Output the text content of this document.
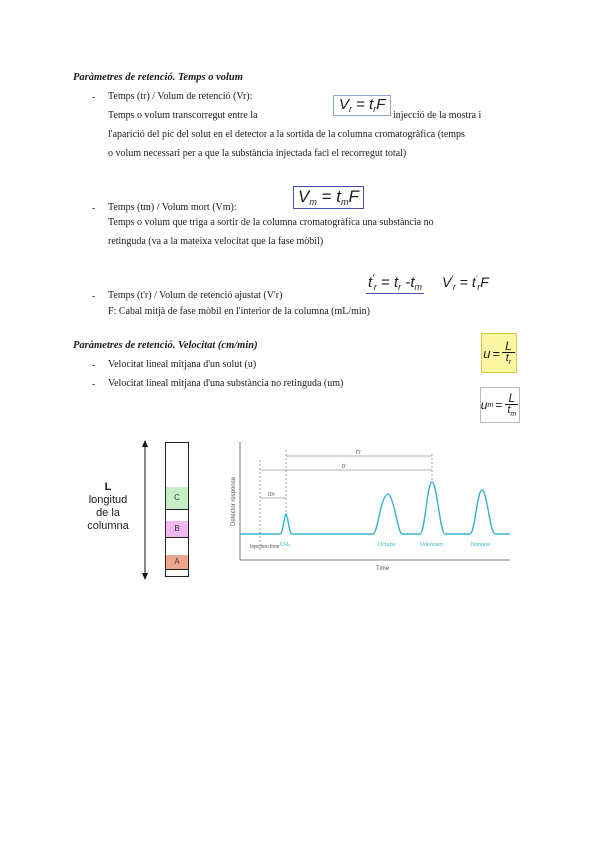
Paràmetres de retenció. Temps o volum
- Temps (tr) / Volum de retenció (Vr):
Temps o volum transcorregut entre la	injecció de la mostra i
l'aparició del pic del solut en el detector a la sortida de la columna cromatogràfica (temps
o volum necessari per a que la substància injectada faci el recorregut total)
$V_r = t_rF$
- Temps (tm) / Volum mort (Vm):
Temps o volum que triga a sortir de la columna cromatogràfica una substància no
retinguda (va a la mateixa velocitat que la fase mòbil)
$V_m = t_mF$
- Temps (t'r) / Volum de retenció ajustat (V'r)
F: Cabal mitjà de fase mòbil en l'interior de la columna (mL/min)
$t'_r = t_r$ $-t_m$ $V'_r = t'_rF$
Paràmetres de retenció. Velocitat (cm/min)
- Velocitat lineal mitjana d'un solut (u)
- Velocitat lineal mitjana d'una substància no retinguda (um)
$u = \frac{L}{t_r}$
u $m = \frac{L}{t_m}$
L
longitud
de la
columna
C
B
A
t'r
tr
tm
Detector response
Time
Injection time CH₄	Octane	Unknown	Nonane
